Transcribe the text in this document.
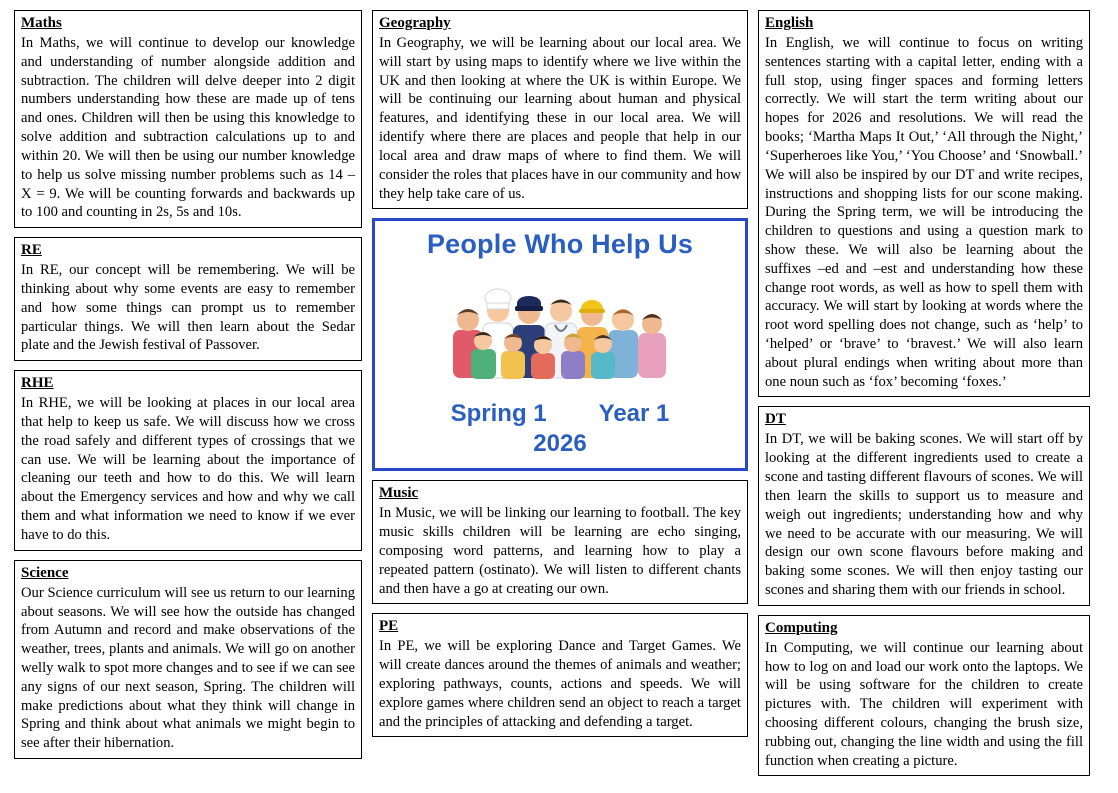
Maths

In Maths, we will continue to develop our knowledge and understanding of number alongside addition and subtraction. The children will delve deeper into 2 digit numbers understanding how these are made up of tens and ones. Children will then be using this knowledge to solve addition and subtraction calculations up to and within 20. We will then be using our number knowledge to help us solve missing number problems such as 14 – X = 9. We will be counting forwards and backwards up to 100 and counting in 2s, 5s and 10s.

RE

In RE, our concept will be remembering. We will be thinking about why some events are easy to remember and how some things can prompt us to remember particular things. We will then learn about the Sedar plate and the Jewish festival of Passover.

RHE

In RHE, we will be looking at places in our local area that help to keep us safe. We will discuss how we cross the road safely and different types of crossings that we can use. We will be learning about the importance of cleaning our teeth and how to do this. We will learn about the Emergency services and how and why we call them and what information we need to know if we ever have to do this.

Science

Our Science curriculum will see us return to our learning about seasons. We will see how the outside has changed from Autumn and record and make observations of the weather, trees, plants and animals. We will go on another welly walk to spot more changes and to see if we can see any signs of our next season, Spring. The children will make predictions about what they think will change in Spring and think about what animals we might begin to see after their hibernation.

Geography

In Geography, we will be learning about our local area. We will start by using maps to identify where we live within the UK and then looking at where the UK is within Europe. We will be continuing our learning about human and physical features, and identifying these in our local area. We will identify where there are places and people that help in our local area and draw maps of where to find them. We will consider the roles that places have in our community and how they help take care of us.

People Who Help Us
Spring 1 Year 1
2026
Music

In Music, we will be linking our learning to football. The key music skills children will be learning are echo singing, composing word patterns, and learning how to play a repeated pattern (ostinato). We will listen to different chants and then have a go at creating our own.

PE

In PE, we will be exploring Dance and Target Games. We will create dances around the themes of animals and weather; exploring pathways, counts, actions and speeds. We will explore games where children send an object to reach a target and the principles of attacking and defending a target.

English

In English, we will continue to focus on writing sentences starting with a capital letter, ending with a full stop, using finger spaces and forming letters correctly. We will start the term writing about our hopes for 2026 and resolutions. We will read the books; ‘Martha Maps It Out,’ ‘All through the Night,’ ‘Superheroes like You,’ ‘You Choose’ and ‘Snowball.’ We will also be inspired by our DT and write recipes, instructions and shopping lists for our scone making. During the Spring term, we will be introducing the children to questions and using a question mark to show these. We will also be learning about the suffixes –ed and –est and understanding how these change root words, as well as how to spell them with accuracy. We will start by looking at words where the root word spelling does not change, such as ‘help’ to ‘helped’ or ‘brave’ to ‘bravest.’ We will also learn about plural endings when writing about more than one noun such as ‘fox’ becoming ‘foxes.’

DT

In DT, we will be baking scones. We will start off by looking at the different ingredients used to create a scone and tasting different flavours of scones. We will then learn the skills to support us to measure and weigh out ingredients; understanding how and why we need to be accurate with our measuring. We will design our own scone flavours before making and baking some scones. We will then enjoy tasting our scones and sharing them with our friends in school.

Computing

In Computing, we will continue our learning about how to log on and load our work onto the laptops. We will be using software for the children to create pictures with. The children will experiment with choosing different colours, changing the brush size, rubbing out, changing the line width and using the fill function when creating a picture.
